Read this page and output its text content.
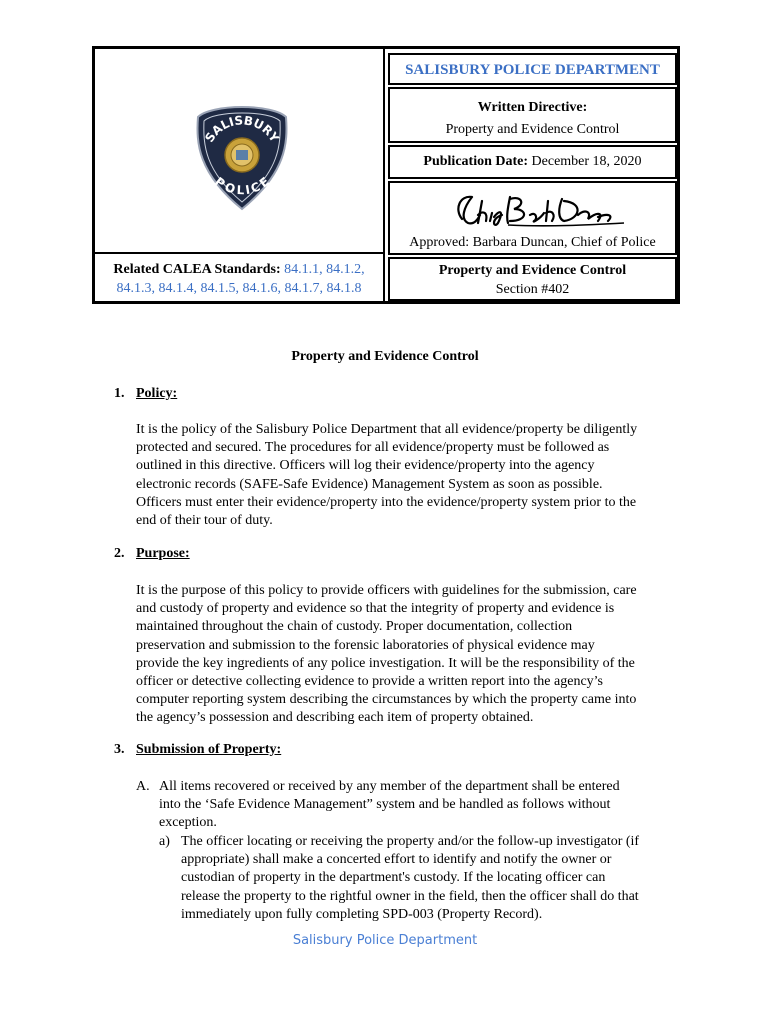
SALISBURY
POLICE
Related CALEA Standards: 84.1.1, 84.1.2,
84.1.3, 84.1.4, 84.1.5, 84.1.6, 84.1.7, 84.1.8
SALISBURY POLICE DEPARTMENT
Written Directive:
Property and Evidence Control
Publication Date: December 18, 2020
Approved: Barbara Duncan, Chief of Police
Property and Evidence Control
Section #402
Property and Evidence Control
1. Policy:
It is the policy of the Salisbury Police Department that all evidence/property be diligently
protected and secured. The procedures for all evidence/property must be followed as
outlined in this directive. Officers will log their evidence/property into the agency
electronic records (SAFE-Safe Evidence) Management System as soon as possible.
Officers must enter their evidence/property into the evidence/property system prior to the
end of their tour of duty.
2. Purpose:
It is the purpose of this policy to provide officers with guidelines for the submission, care
and custody of property and evidence so that the integrity of property and evidence is
maintained throughout the chain of custody. Proper documentation, collection
preservation and submission to the forensic laboratories of physical evidence may
provide the key ingredients of any police investigation. It will be the responsibility of the
officer or detective collecting evidence to provide a written report into the agency’s
computer reporting system describing the circumstances by which the property came into
the agency’s possession and describing each item of property obtained.
3. Submission of Property:
A. All items recovered or received by any member of the department shall be entered
into the ‘Safe Evidence Management” system and be handled as follows without
exception.
a) The officer locating or receiving the property and/or the follow-up investigator (if
appropriate) shall make a concerted effort to identify and notify the owner or
custodian of property in the department's custody. If the locating officer can
release the property to the rightful owner in the field, then the officer shall do that
immediately upon fully completing SPD-003 (Property Record).
Salisbury Police Department
